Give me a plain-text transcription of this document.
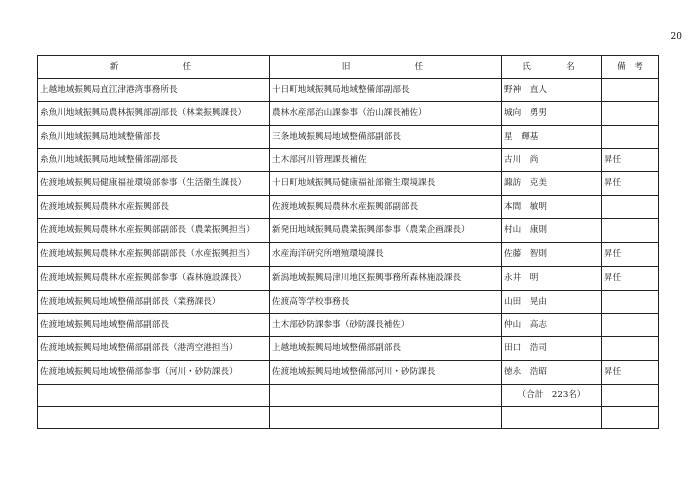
20
新　　　　任	旧　　　　任	氏　　名	備　考
上越地域振興局直江津港湾事務所長	十日町地域振興局地域整備部副部長	野神　直人	
糸魚川地域振興局農林振興部副部長（林業振興課長）	農林水産部治山課参事（治山課長補佐）	城向　勇男	
糸魚川地域振興局地域整備部長	三条地域振興局地域整備部副部長	星　輝基	
糸魚川地域振興局地域整備部副部長	土木部河川管理課長補佐	古川　尚	昇任
佐渡地域振興局健康福祉環境部参事（生活衛生課長）	十日町地域振興局健康福祉部衛生環境課長	諏訪　克美	昇任
佐渡地域振興局農林水産振興部長	佐渡地域振興局農林水産振興部副部長	本間　敏明	
佐渡地域振興局農林水産振興部副部長（農業振興担当）	新発田地域振興局農業振興部参事（農業企画課長）	村山　康則	
佐渡地域振興局農林水産振興部副部長（水産振興担当）	水産海洋研究所増殖環境課長	佐藤　智則	昇任
佐渡地域振興局農林水産振興部参事（森林施設課長）	新潟地域振興局津川地区振興事務所森林施設課長	永井　明	昇任
佐渡地域振興局地域整備部副部長（業務課長）	佐渡高等学校事務長	山田　晃由	
佐渡地域振興局地域整備部副部長	土木部砂防課参事（砂防課長補佐）	仲山　高志	
佐渡地域振興局地域整備部副部長（港湾空港担当）	上越地域振興局地域整備部副部長	田口　浩司	
佐渡地域振興局地域整備部参事（河川・砂防課長）	佐渡地域振興局地域整備部河川・砂防課長	徳永　浩昭	昇任
		（合計　223名）	
